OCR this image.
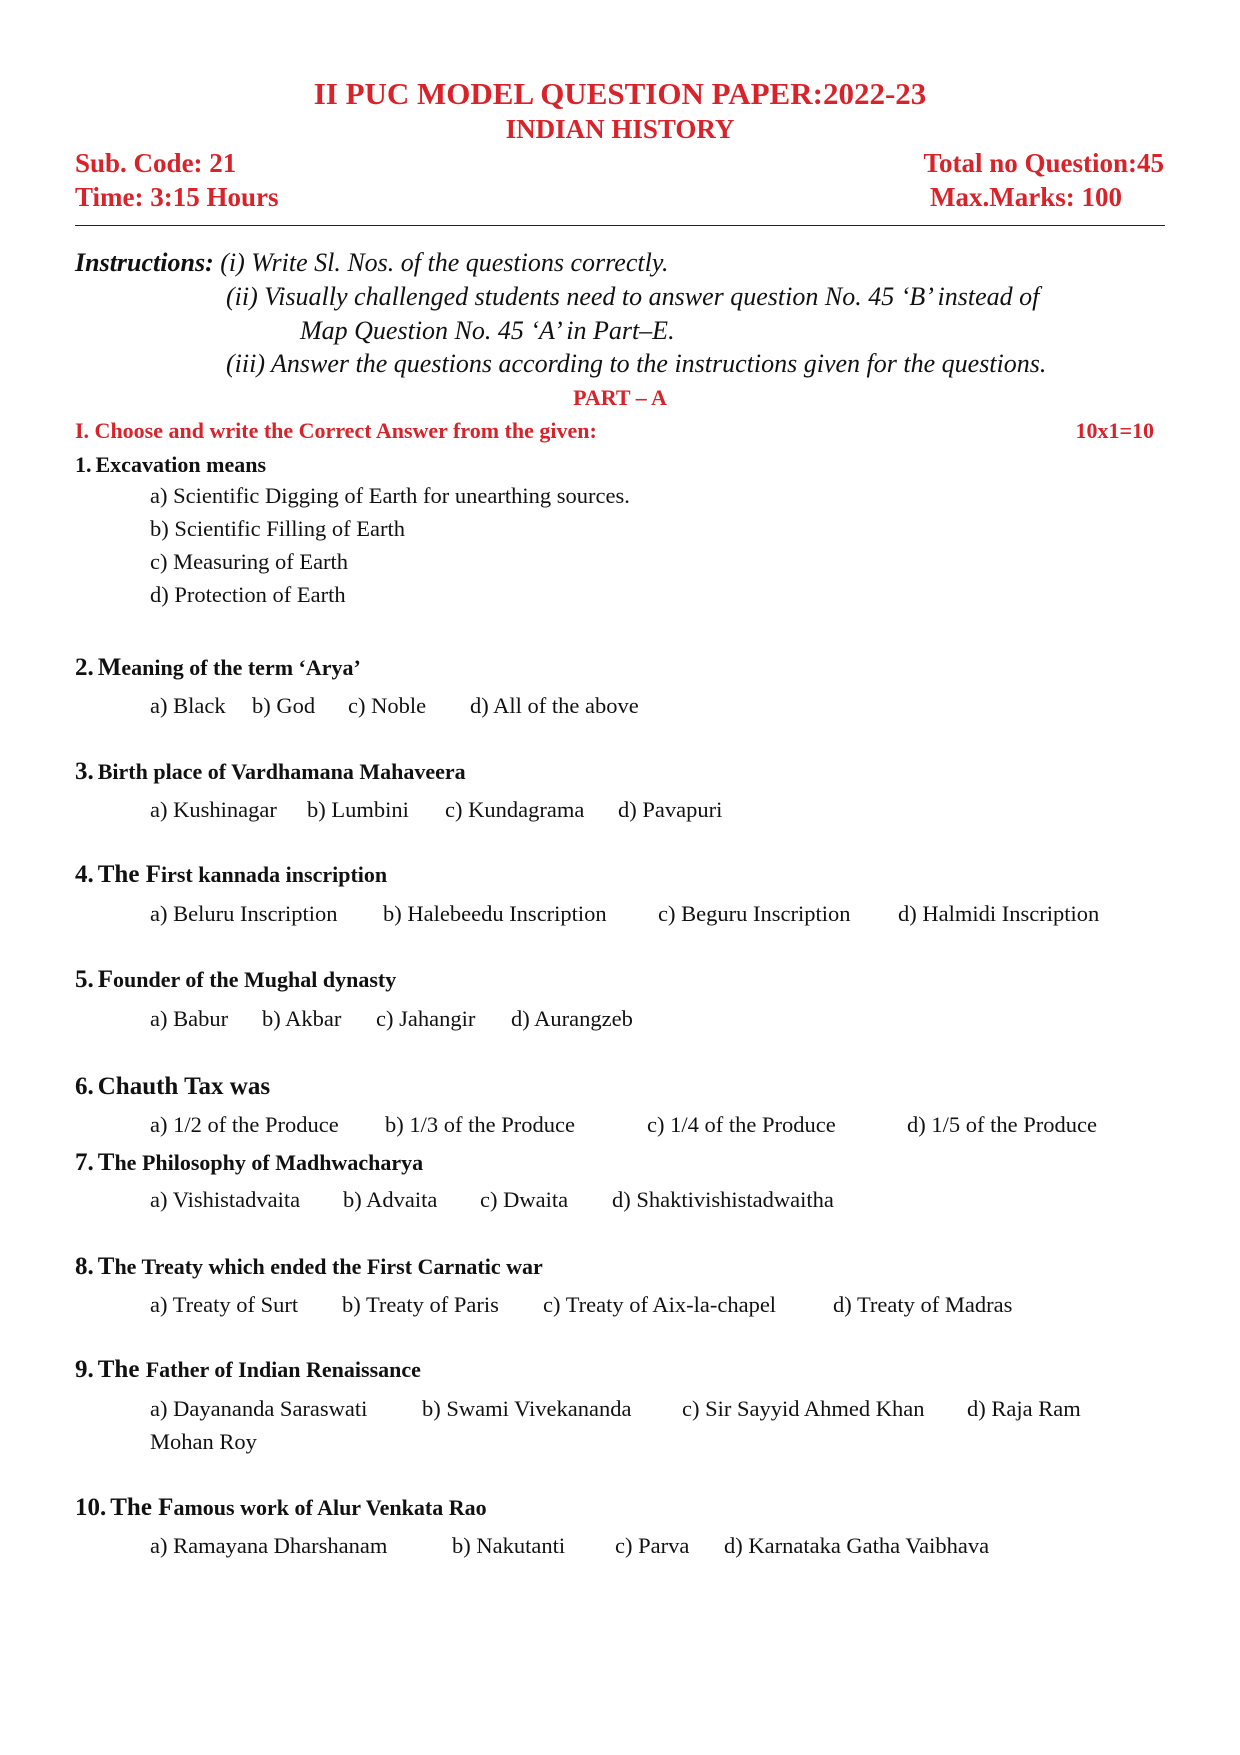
II PUC MODEL QUESTION PAPER:2022-23
INDIAN HISTORY
Sub. Code: 21	Total no Question:45
Time: 3:15 Hours	Max.Marks: 100
Instructions: (i) Write Sl. Nos. of the questions correctly.
(ii) Visually challenged students need to answer question No. 45 ‘B’ instead of
Map Question No. 45 ‘A’ in Part–E.
(iii) Answer the questions according to the instructions given for the questions.
PART – A
I. Choose and write the Correct Answer from the given:	10x1=10
1. Excavation means
a) Scientific Digging of Earth for unearthing sources.
b) Scientific Filling of Earth
c) Measuring of Earth
d) Protection of Earth
2. Meaning of the term ‘Arya’
a) Black b) God c) Noble d) All of the above
3. Birth place of Vardhamana Mahaveera
a) Kushinagar b) Lumbini c) Kundagrama d) Pavapuri
4. The First kannada inscription
a) Beluru Inscription b) Halebeedu Inscription c) Beguru Inscription d) Halmidi Inscription
5. Founder of the Mughal dynasty
a) Babur b) Akbar c) Jahangir d) Aurangzeb
6. Chauth Tax was
a) 1/2 of the Produce b) 1/3 of the Produce	c) 1/4 of the Produce	d) 1/5 of the Produce
7. The Philosophy of Madhwacharya
a) Vishistadvaita b) Advaita c) Dwaita d) Shaktivishistadwaitha
8. The Treaty which ended the First Carnatic war
a) Treaty of Surt b) Treaty of Paris c) Treaty of Aix-la-chapel	d) Treaty of Madras
9. The Father of Indian Renaissance
a) Dayananda Saraswati b) Swami Vivekananda c) Sir Sayyid Ahmed Khan d) Raja Ram
Mohan Roy
10. The Famous work of Alur Venkata Rao
a) Ramayana Dharshanam	b) Nakutanti c) Parva d) Karnataka Gatha Vaibhava
